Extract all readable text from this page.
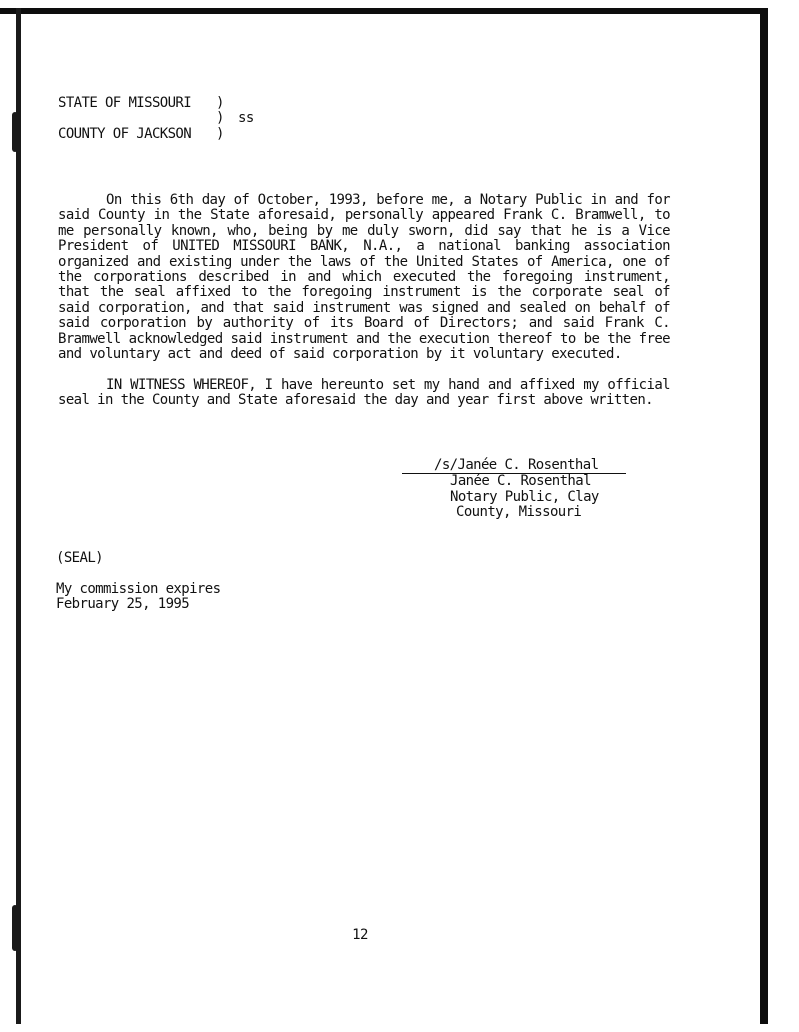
STATE OF MISSOURI )
) ss
COUNTY OF JACKSON )

On this 6th day of October, 1993, before me, a Notary Public in and for said County in the State aforesaid, personally appeared Frank C. Bramwell, to me personally known, who, being by me duly sworn, did say that he is a Vice President of UNITED MISSOURI BANK, N.A., a national banking association organized and existing under the laws of the United States of America, one of the corporations described in and which executed the foregoing instrument, that the seal affixed to the foregoing instrument is the corporate seal of said corporation, and that said instrument was signed and sealed on behalf of said corporation by authority of its Board of Directors; and said Frank C. Bramwell acknowledged said instrument and the execution thereof to be the free and voluntary act and deed of said corporation by it voluntary executed.

IN WITNESS WHEREOF, I have hereunto set my hand and affixed my official seal in the County and State aforesaid the day and year first above written.

/s/Janée C. Rosenthal
Janée C. Rosenthal
Notary Public, Clay
County, Missouri
(SEAL)
My commission expires
February 25, 1995
12
